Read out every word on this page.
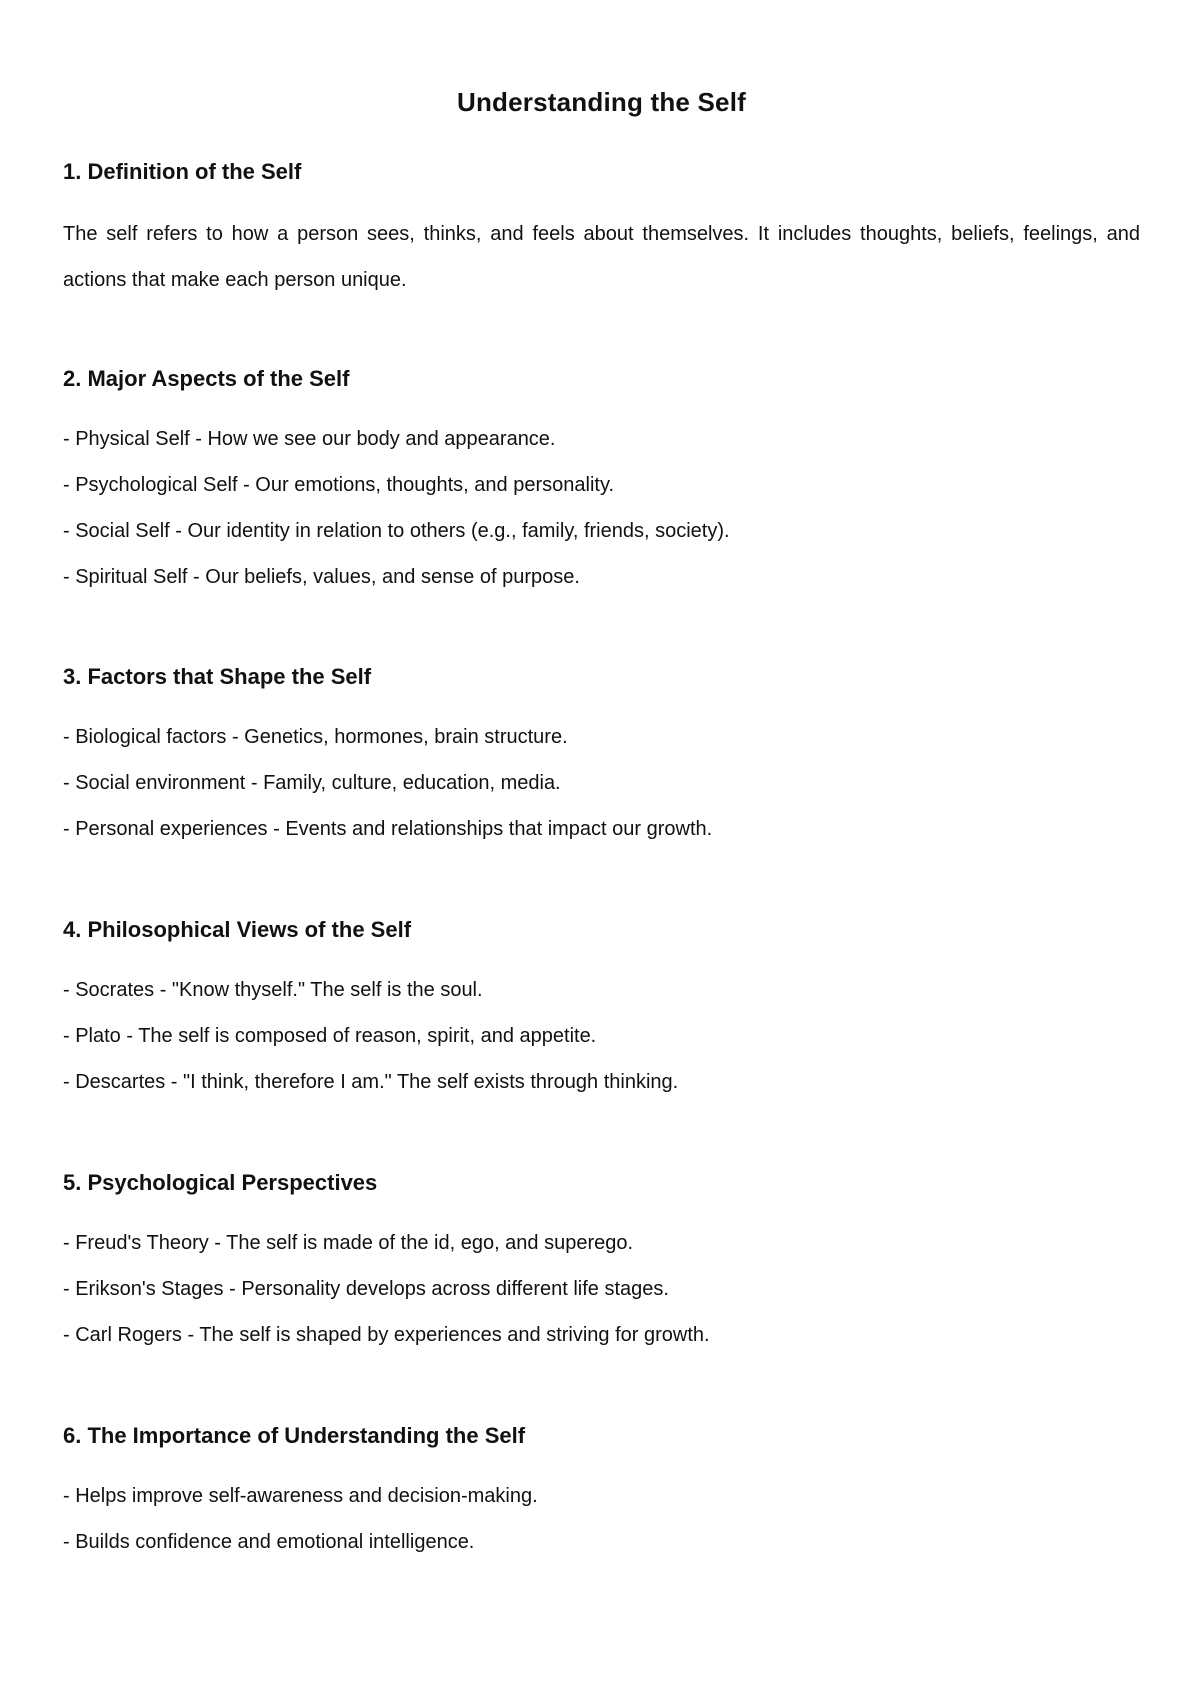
Understanding the Self
1. Definition of the Self

The self refers to how a person sees, thinks, and feels about themselves. It includes thoughts, beliefs, feelings, and actions that make each person unique.

2. Major Aspects of the Self
- Physical Self - How we see our body and appearance.
- Psychological Self - Our emotions, thoughts, and personality.
- Social Self - Our identity in relation to others (e.g., family, friends, society).
- Spiritual Self - Our beliefs, values, and sense of purpose.
3. Factors that Shape the Self
- Biological factors - Genetics, hormones, brain structure.
- Social environment - Family, culture, education, media.
- Personal experiences - Events and relationships that impact our growth.
4. Philosophical Views of the Self
- Socrates - "Know thyself." The self is the soul.
- Plato - The self is composed of reason, spirit, and appetite.
- Descartes - "I think, therefore I am." The self exists through thinking.
5. Psychological Perspectives
- Freud's Theory - The self is made of the id, ego, and superego.
- Erikson's Stages - Personality develops across different life stages.
- Carl Rogers - The self is shaped by experiences and striving for growth.
6. The Importance of Understanding the Self
- Helps improve self-awareness and decision-making.
- Builds confidence and emotional intelligence.
